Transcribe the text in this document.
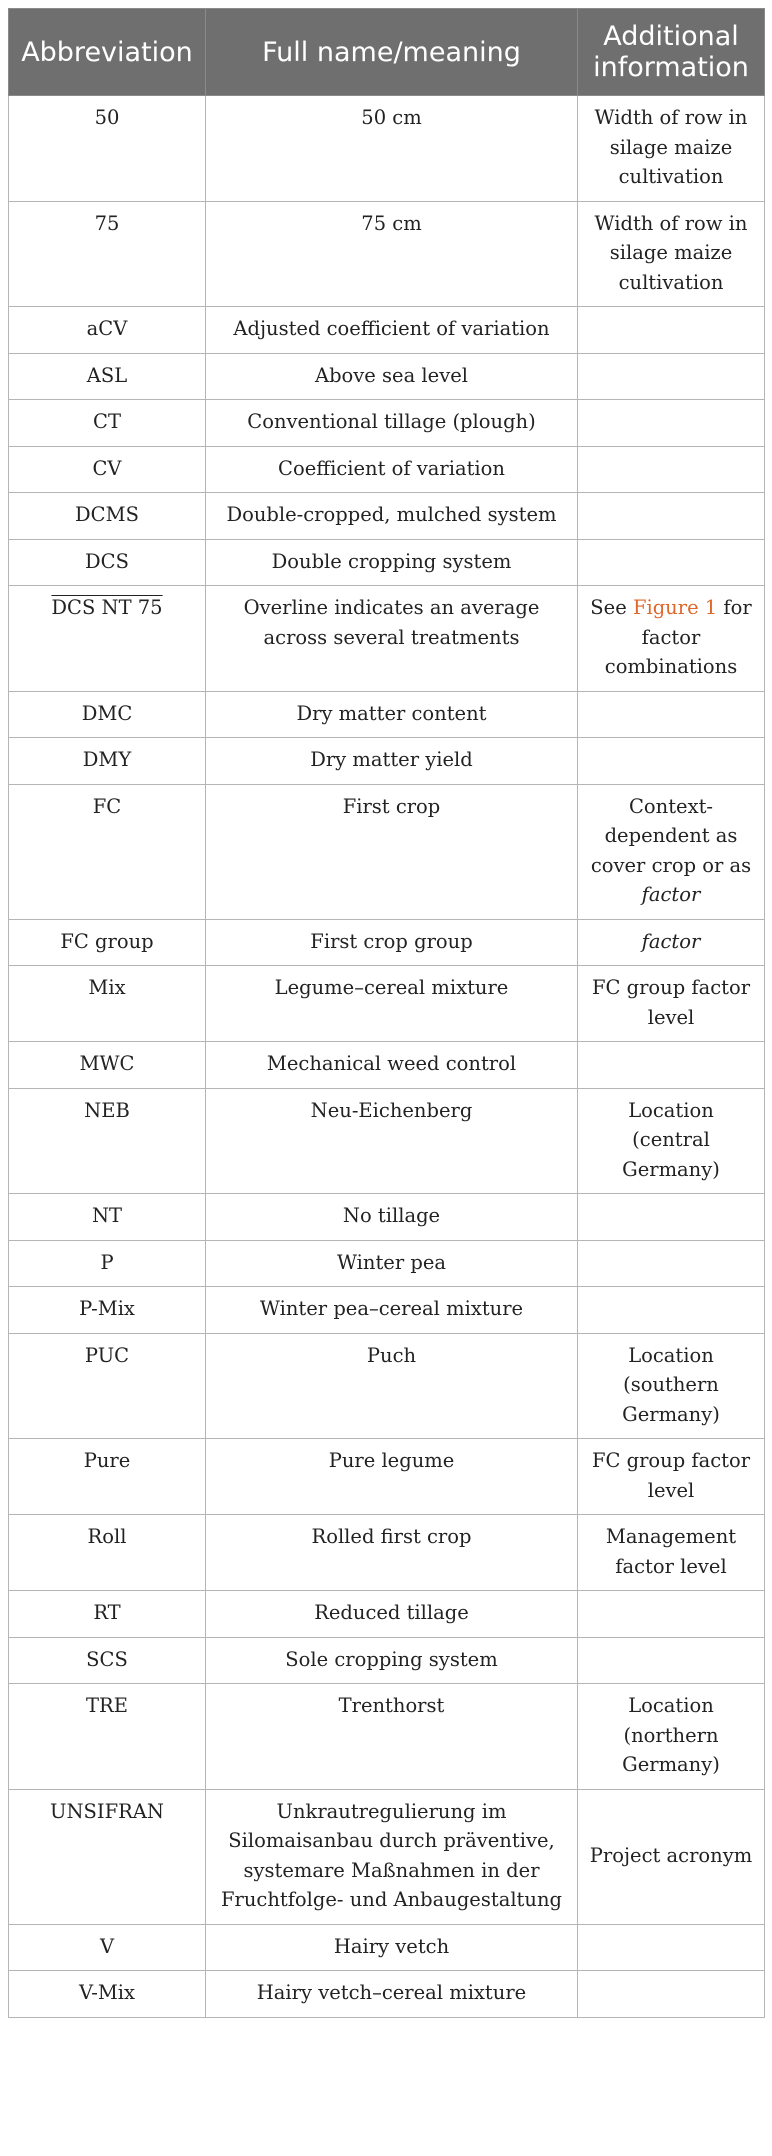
Abbreviation	Full name/meaning	Additional information
50	50 cm	Width of row in silage maize cultivation
75	75 cm	Width of row in silage maize cultivation
aCV	Adjusted coefficient of variation	
ASL	Above sea level	
CT	Conventional tillage (plough)	
CV	Coefficient of variation	
DCMS	Double-cropped, mulched system	
DCS	Double cropping system	
DCS NT 75	Overline indicates an average across several treatments	See Figure 1 for factor combinations
DMC	Dry matter content	
DMY	Dry matter yield	
FC	First crop	Context-dependent as cover crop or as factor
FC group	First crop group	factor
Mix	Legume–cereal mixture	FC group factor level
MWC	Mechanical weed control	
NEB	Neu-Eichenberg	Location (central Germany)
NT	No tillage	
P	Winter pea	
P-Mix	Winter pea–cereal mixture	
PUC	Puch	Location (southern Germany)
Pure	Pure legume	FC group factor level
Roll	Rolled first crop	Management factor level
RT	Reduced tillage	
SCS	Sole cropping system	
TRE	Trenthorst	Location (northern Germany)
UNSIFRAN	Unkrautregulierung im Silomaisanbau durch präventive, systemare Maßnahmen in der Fruchtfolge- und Anbaugestaltung	Project acronym
V	Hairy vetch	
V-Mix	Hairy vetch–cereal mixture	
